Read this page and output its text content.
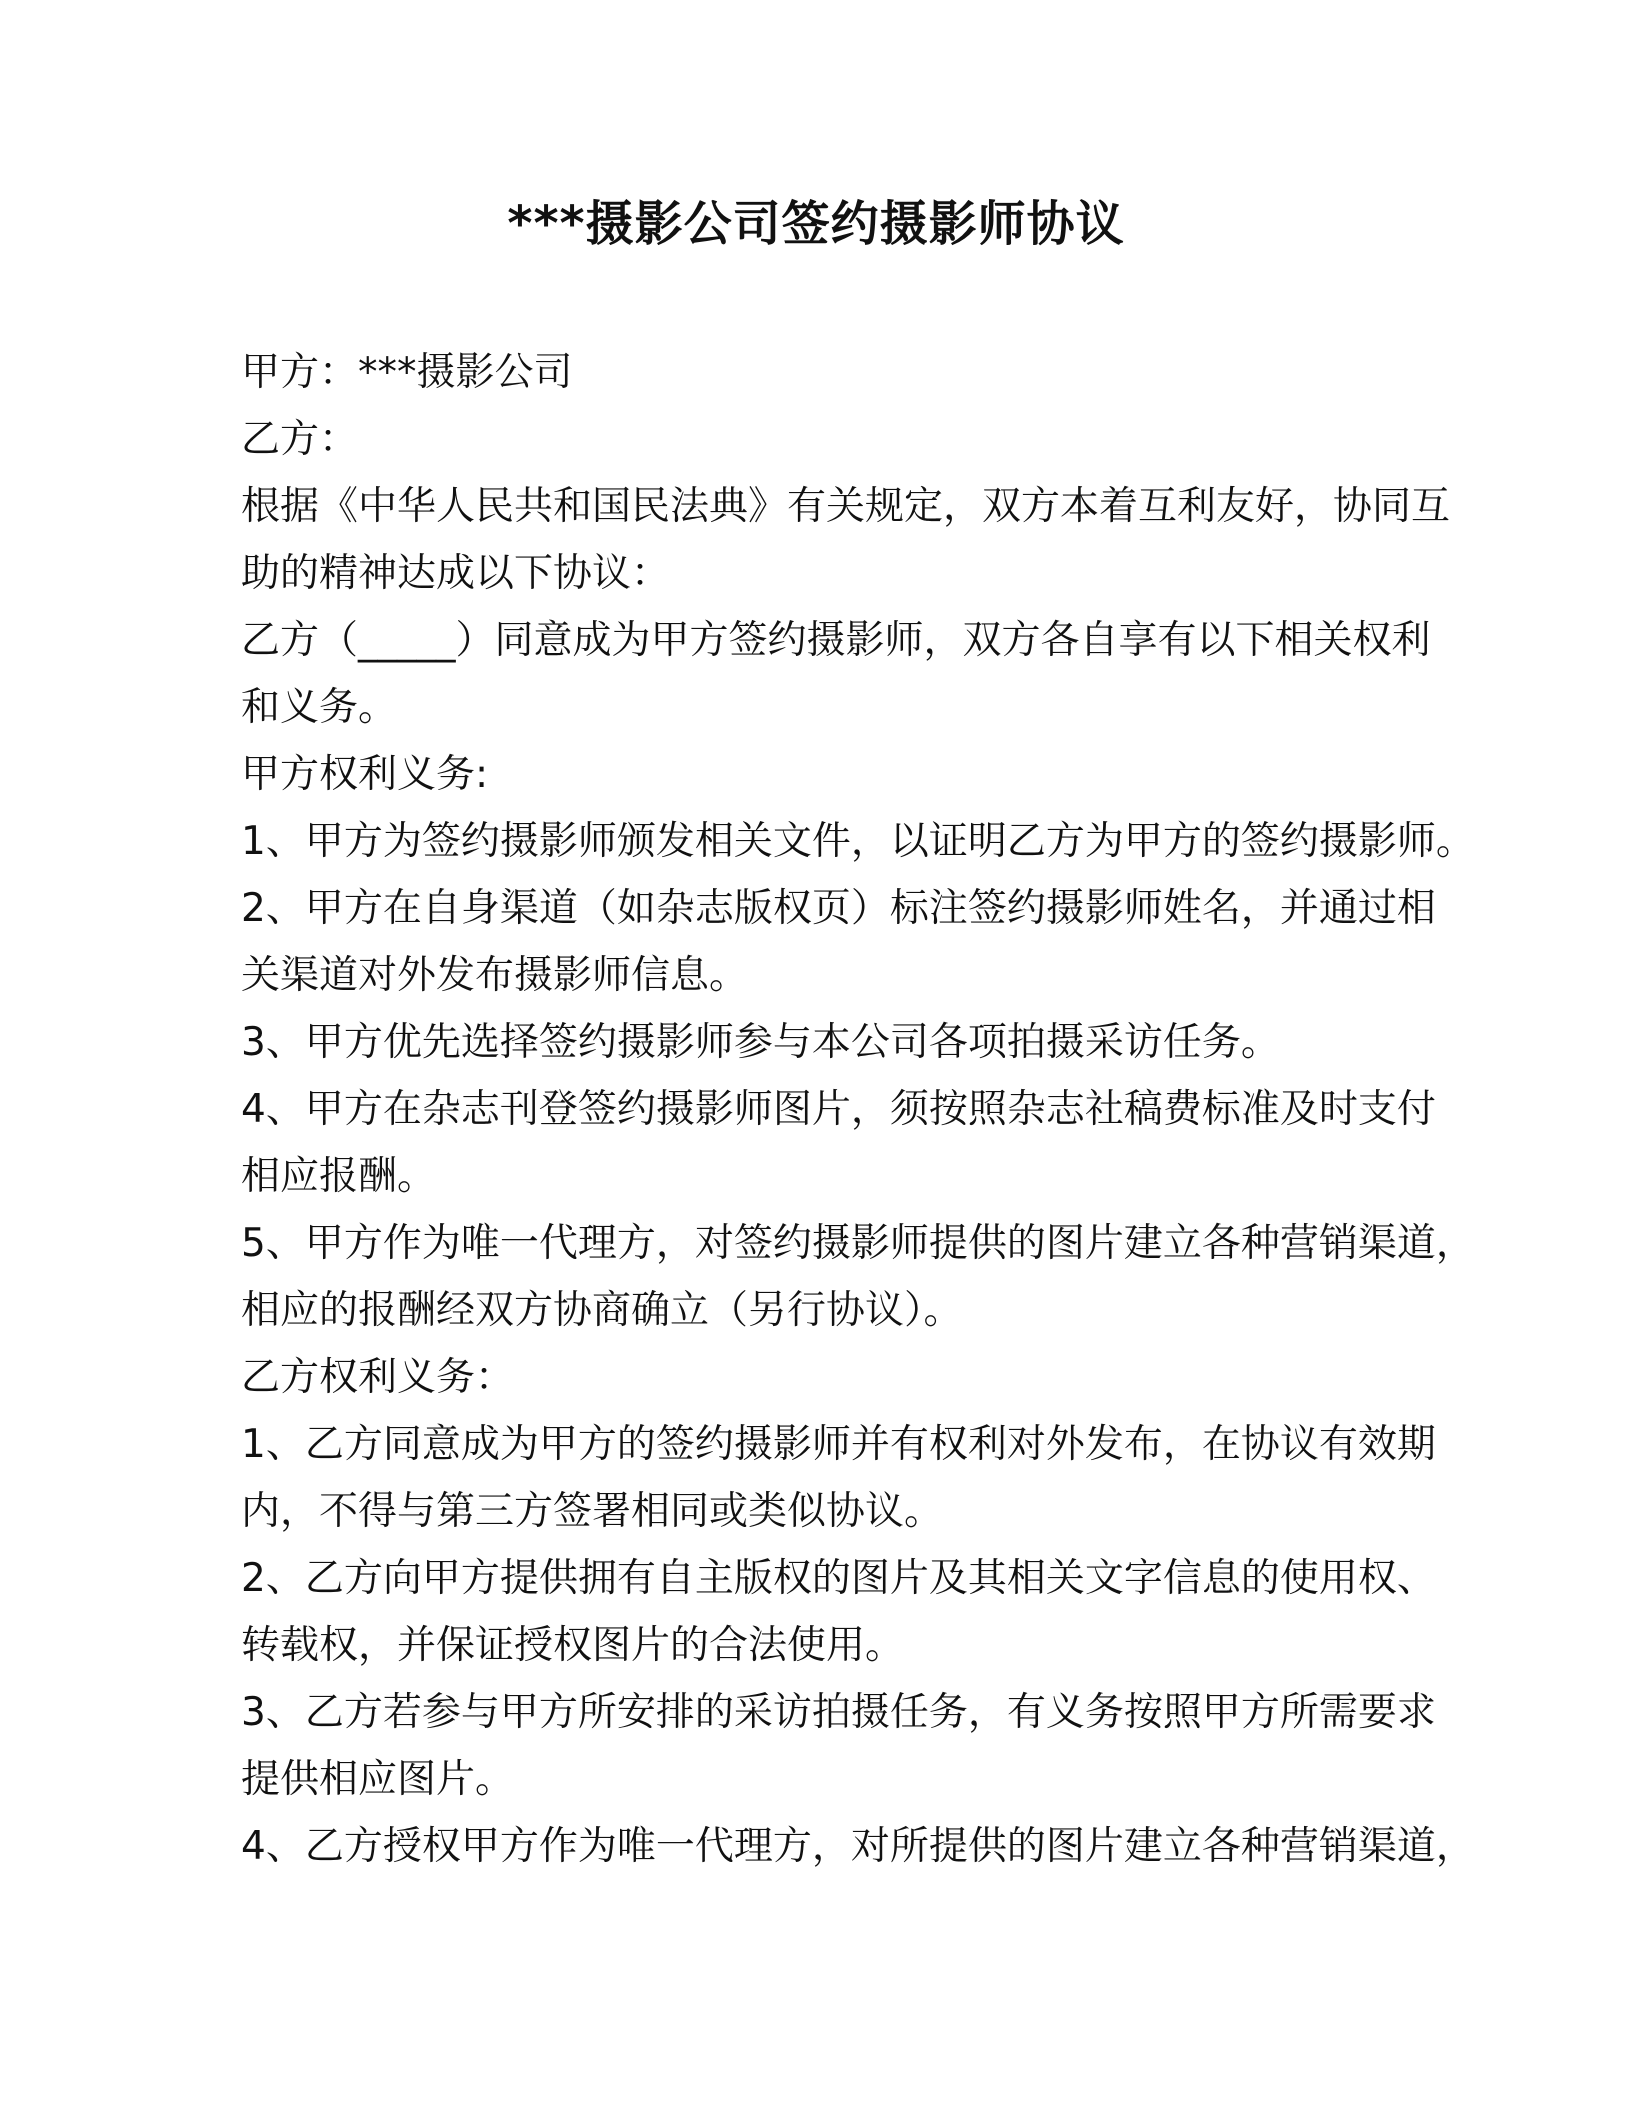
***摄影公司签约摄影师协议
甲方：***摄影公司
乙方：
根据《中华人民共和国民法典》有关规定，双方本着互利友好，协同互
助的精神达成以下协议：
乙方（_____）同意成为甲方签约摄影师，双方各自享有以下相关权利
和义务。
甲方权利义务:
1、甲方为签约摄影师颁发相关文件，以证明乙方为甲方的签约摄影师。
2、甲方在自身渠道（如杂志版权页）标注签约摄影师姓名，并通过相
关渠道对外发布摄影师信息。
3、甲方优先选择签约摄影师参与本公司各项拍摄采访任务。
4、甲方在杂志刊登签约摄影师图片，须按照杂志社稿费标准及时支付
相应报酬。
5、甲方作为唯一代理方，对签约摄影师提供的图片建立各种营销渠道，
相应的报酬经双方协商确立（另行协议）。
乙方权利义务：
1、乙方同意成为甲方的签约摄影师并有权利对外发布，在协议有效期
内，不得与第三方签署相同或类似协议。
2、乙方向甲方提供拥有自主版权的图片及其相关文字信息的使用权、
转载权，并保证授权图片的合法使用。
3、乙方若参与甲方所安排的采访拍摄任务，有义务按照甲方所需要求
提供相应图片。
4、乙方授权甲方作为唯一代理方，对所提供的图片建立各种营销渠道，
